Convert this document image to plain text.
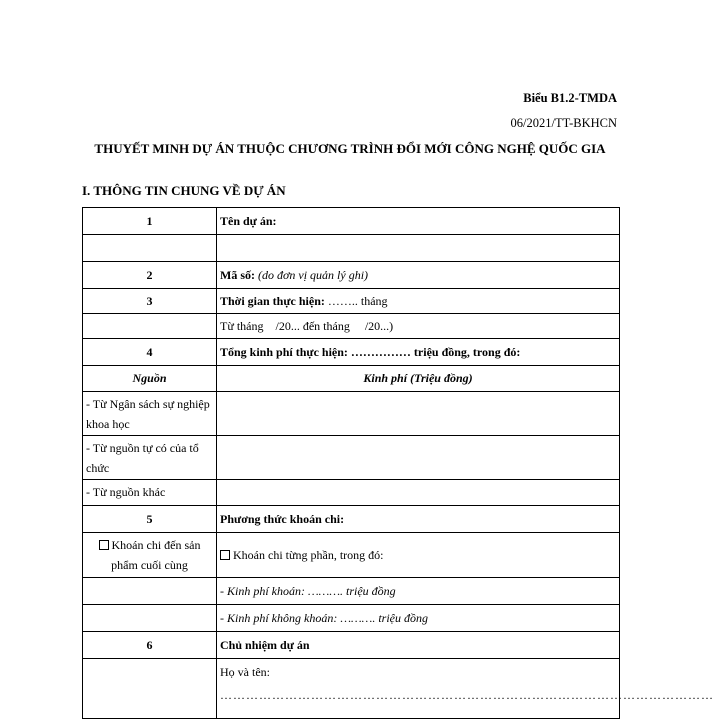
Biểu B1.2-TMDA
06/2021/TT-BKHCN
THUYẾT MINH DỰ ÁN THUỘC CHƯƠNG TRÌNH ĐỔI MỚI CÔNG NGHỆ QUỐC GIA
I. THÔNG TIN CHUNG VỀ DỰ ÁN
1	Tên dự án:

2	Mã số: (do đơn vị quản lý ghi)
3	Thời gian thực hiện: …….. tháng
	Từ tháng    /20... đến tháng     /20...)
4	Tổng kinh phí thực hiện: …………… triệu đồng, trong đó:
Nguồn	Kinh phí (Triệu đồng)
- Từ Ngân sách sự nghiệp khoa học	
- Từ nguồn tự có của tổ chức	
- Từ nguồn khác	
5	Phương thức khoán chi:
Khoán chi đến sản phẩm cuối cùng	Khoán chi từng phần, trong đó:
	- Kinh phí khoán: ………. triệu đồng
	- Kinh phí không khoán: ………. triệu đồng
6	Chủ nhiệm dự án
	Họ và tên:
……………………………………………………………………………………………………
